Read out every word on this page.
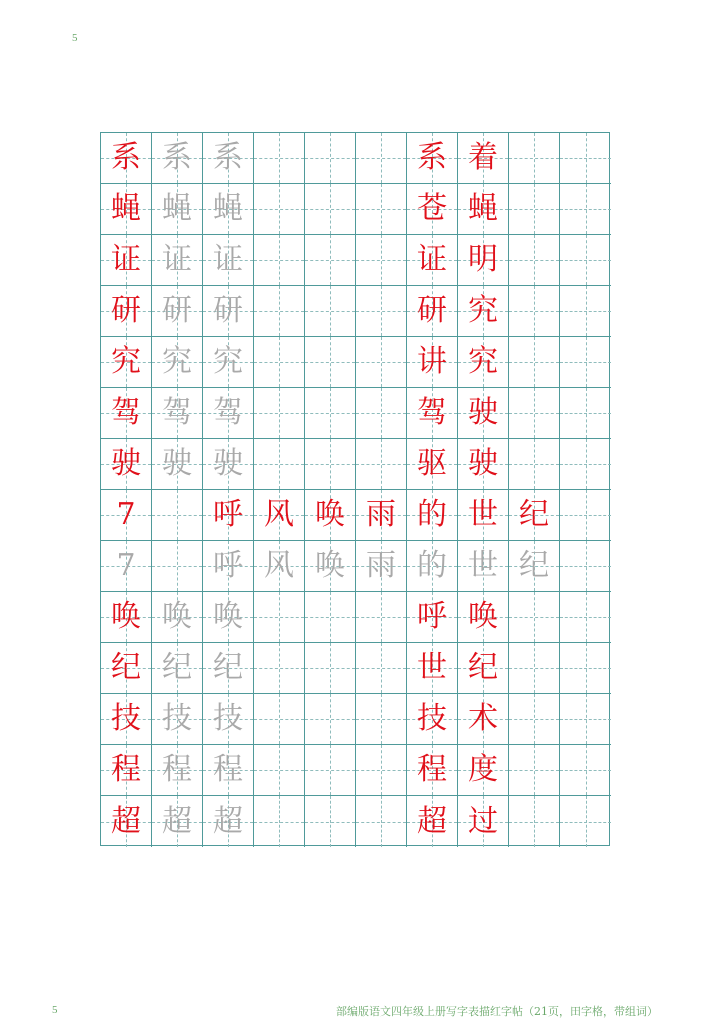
5
系 系 系	系 着
蝇 蝇 蝇	苍 蝇
证 证 证	证 明
研 研 研	研 究
究 究 究	讲 究
驾 驾 驾	驾 驶
驶 驶 驶	驱 驶
7	呼 风 唤 雨 的 世 纪
7	呼 风 唤 雨 的 世 纪
唤 唤 唤	呼 唤
纪 纪 纪	世 纪
技 技 技	技 术
程 程 程	程 度
超 超 超	超 过
5	部编版语文四年级上册写字表描红字帖（21页，田字格，带组词）
